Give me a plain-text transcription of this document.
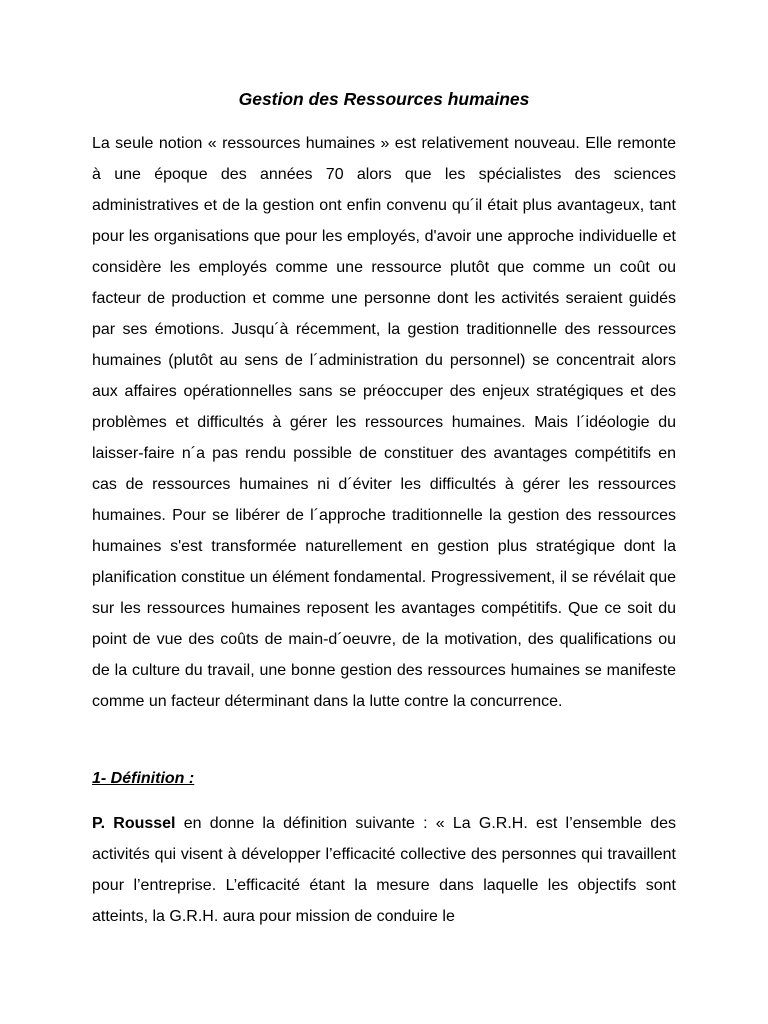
Gestion des Ressources humaines

La seule notion « ressources humaines » est relativement nouveau. Elle remonte à une époque des années 70 alors que les spécialistes des sciences administratives et de la gestion ont enfin convenu qu´il était plus avantageux, tant pour les organisations que pour les employés, d'avoir une approche individuelle et considère les employés comme une ressource plutôt que comme un coût ou facteur de production et comme une personne dont les activités seraient guidés par ses émotions. Jusqu´à récemment, la gestion traditionnelle des ressources humaines (plutôt au sens de l´administration du personnel) se concentrait alors aux affaires opérationnelles sans se préoccuper des enjeux stratégiques et des problèmes et difficultés à gérer les ressources humaines. Mais l´idéologie du laisser-faire n´a pas rendu possible de constituer des avantages compétitifs en cas de ressources humaines ni d´éviter les difficultés à gérer les ressources humaines. Pour se libérer de l´approche traditionnelle la gestion des ressources humaines s'est transformée naturellement en gestion plus stratégique dont la planification constitue un élément fondamental. Progressivement, il se révélait que sur les ressources humaines reposent les avantages compétitifs. Que ce soit du point de vue des coûts de main-d´oeuvre, de la motivation, des qualifications ou de la culture du travail, une bonne gestion des ressources humaines se manifeste comme un facteur déterminant dans la lutte contre la concurrence.

1- Définition :

P. Roussel en donne la définition suivante : « La G.R.H. est l’ensemble des activités qui visent à développer l’efficacité collective des personnes qui travaillent pour l’entreprise. L’efficacité étant la mesure dans laquelle les objectifs sont atteints, la G.R.H. aura pour mission de conduire le
